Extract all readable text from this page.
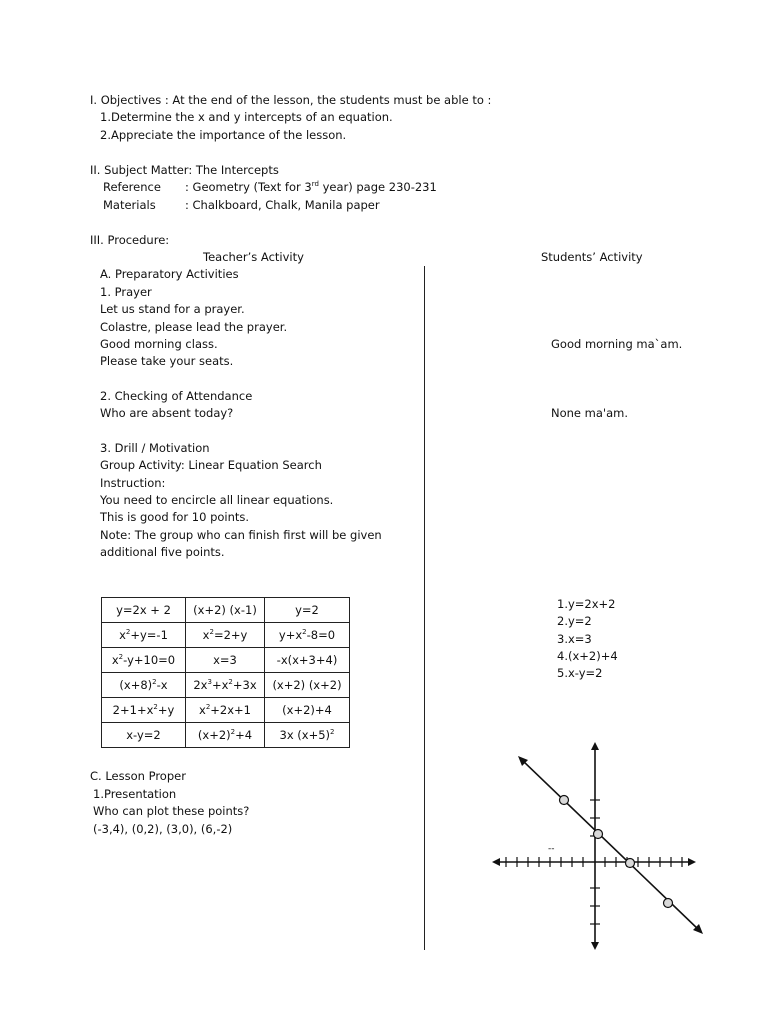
I. Objectives : At the end of the lesson, the students must be able to :
1.Determine the x and y intercepts of an equation.
2.Appreciate the importance of the lesson.
II. Subject Matter: The Intercepts
Reference : Geometry (Text for 3rd year) page 230-231
Materials	: Chalkboard, Chalk, Manila paper
III. Procedure:
Teacher’s Activity	Students’ Activity
A. Preparatory Activities
1. Prayer
Let us stand for a prayer.
Colastre, please lead the prayer.
Good morning class.
Please take your seats.
Good morning ma`am.
2. Checking of Attendance
Who are absent today?	None ma'am.
3. Drill / Motivation
Group Activity: Linear Equation Search
Instruction:
You need to encircle all linear equations.
This is good for 10 points.
Note: The group who can finish first will be given
additional five points.
y=2x + 2	(x+2) (x-1)	y=2
$x^2+y=-1$	$x^2=2+y$	$y+x^2-8=0$
$x^2-y+10=0$	x=3	-x(x+3+4)
$(x+8)^2-x$	$2x^3+x^2+3x$	(x+2) (x+2)
$2+1+x^2+y$	$x^2+2x+1$	(x+2)+4
x-y=2	$(x+2)^2+4$	3x $(x+5)^2$
1.y=2x+2
2.y=2
3.x=3
4.(x+2)+4
5.x-y=2
C. Lesson Proper
1.Presentation
Who can plot these points?
(-3,4), (0,2), (3,0), (6,-2)
--
